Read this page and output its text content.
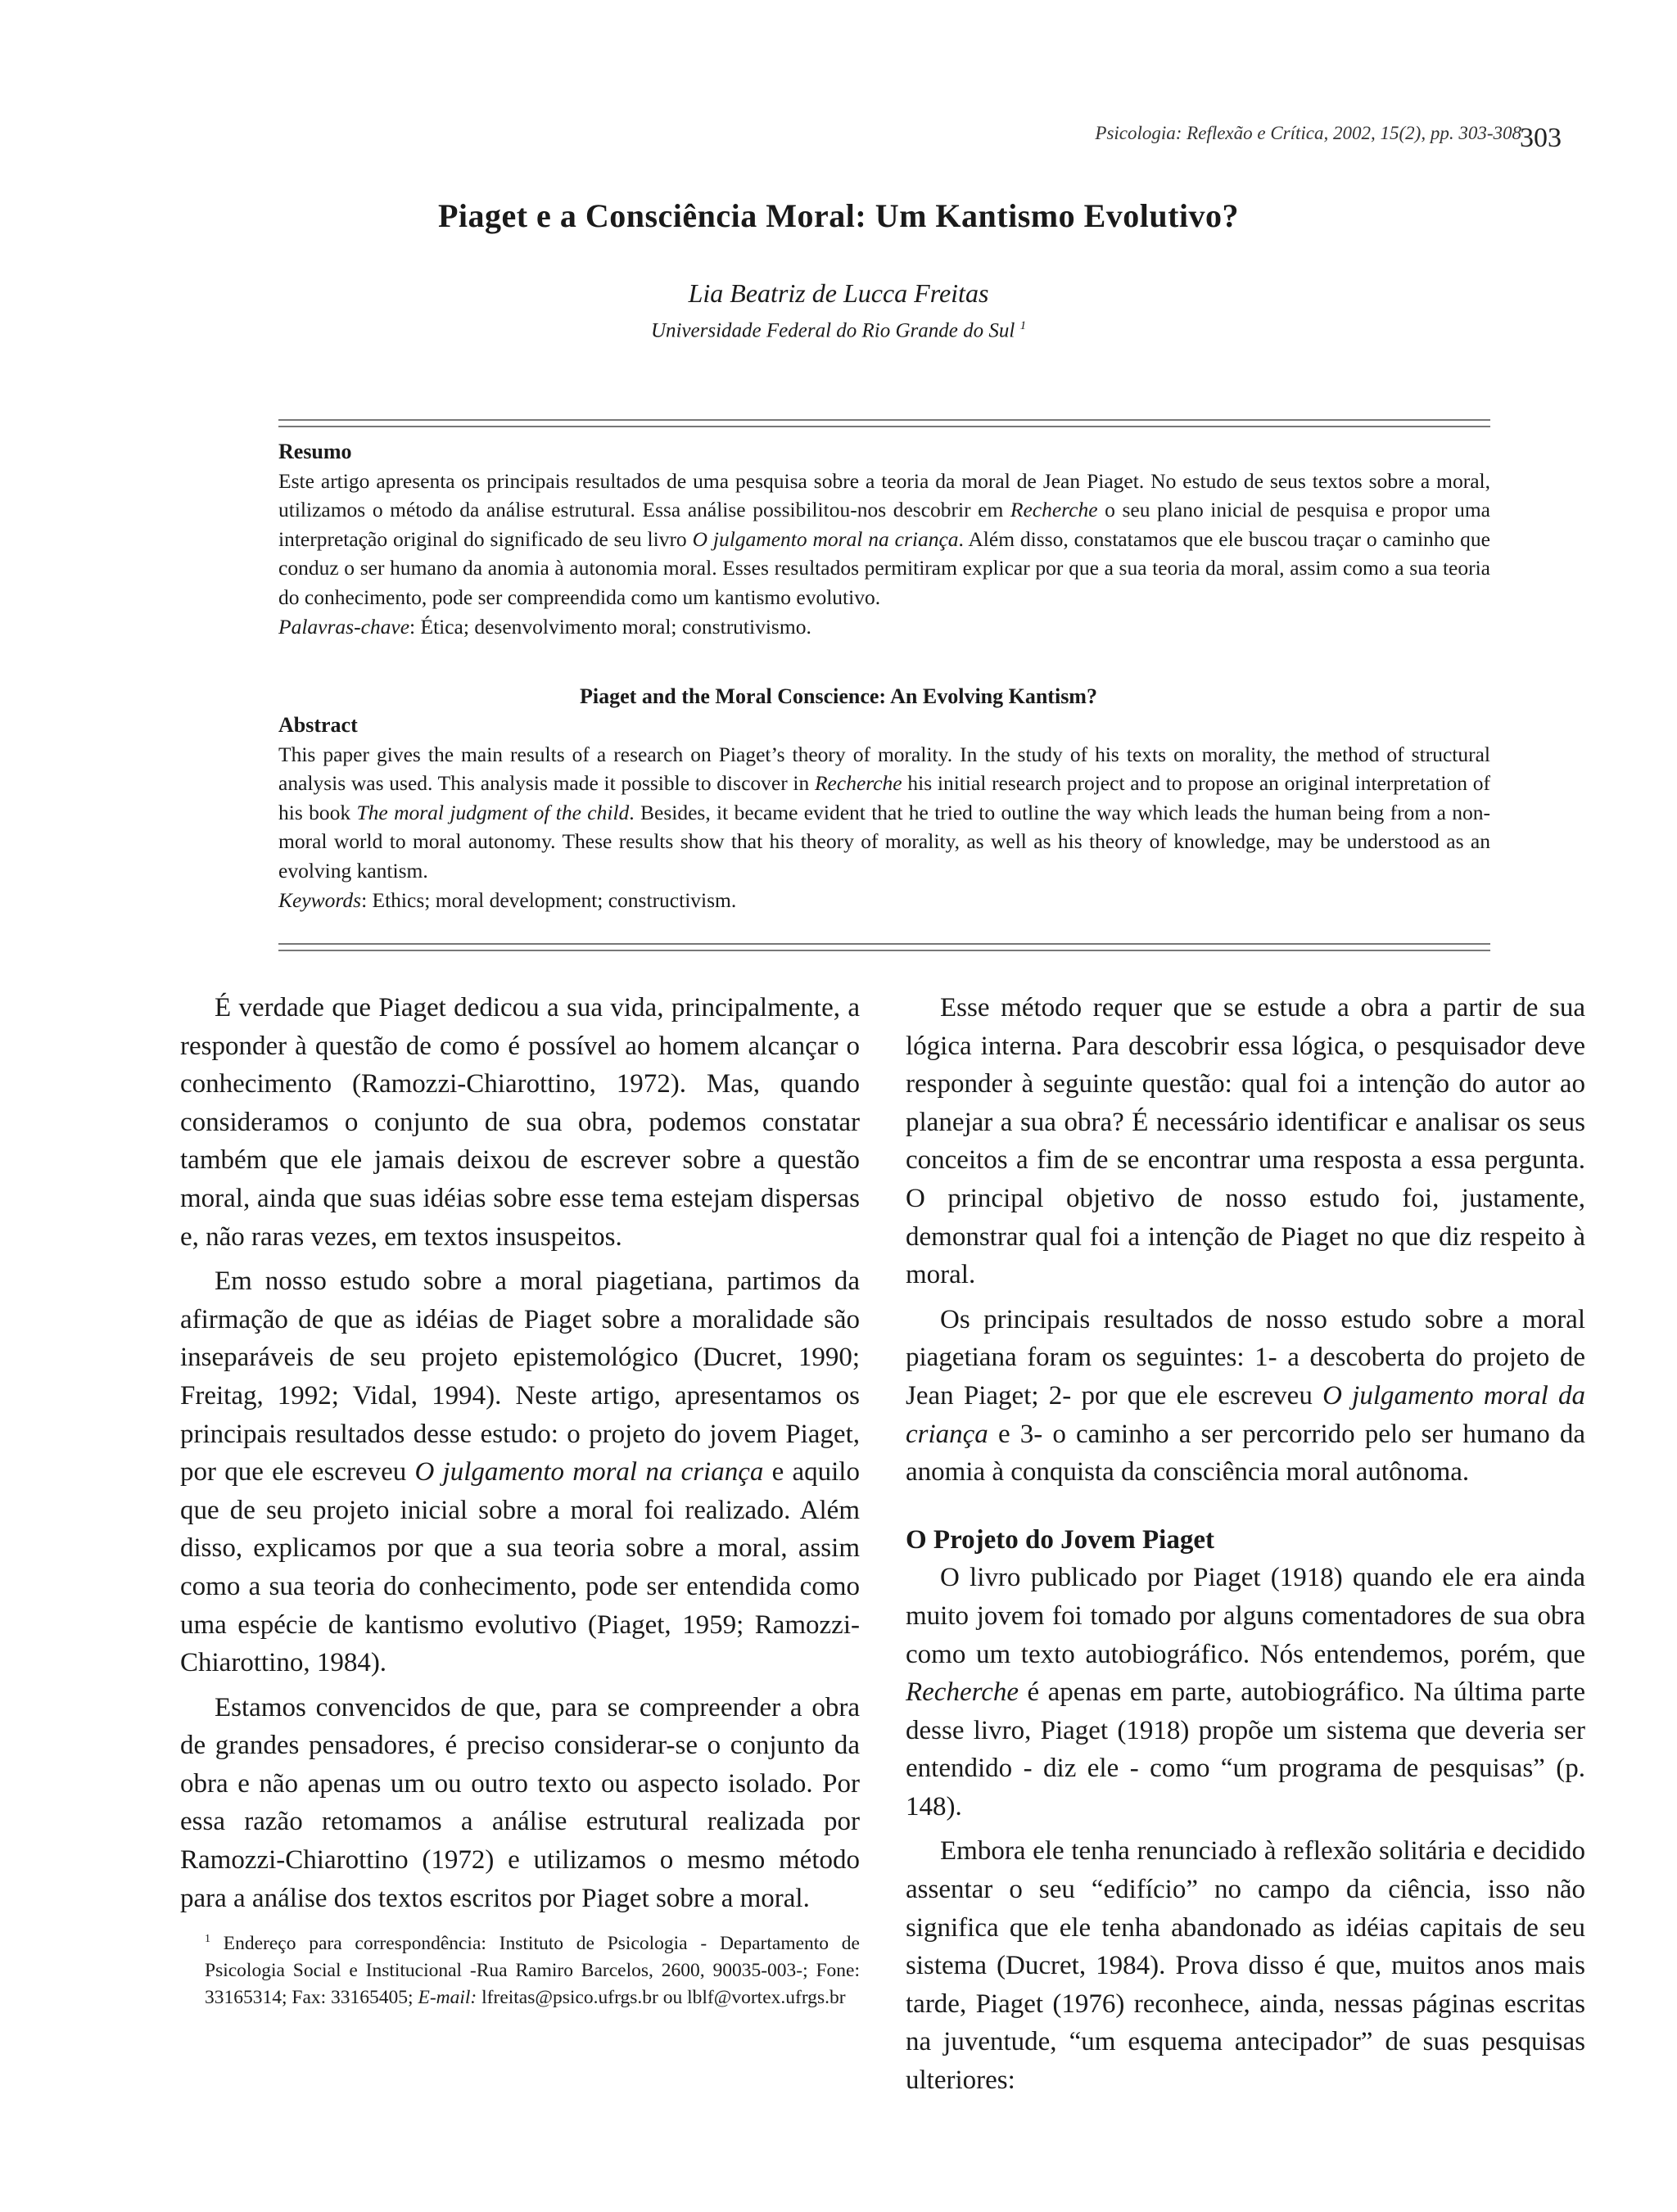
Psicologia: Reflexão e Crítica, 2002, 15(2), pp. 303-308
303
Piaget e a Consciência Moral: Um Kantismo Evolutivo?
Lia Beatriz de Lucca Freitas
Universidade Federal do Rio Grande do Sul $^1$
Resumo
Este artigo apresenta os principais resultados de uma pesquisa sobre a teoria da moral de Jean Piaget. No estudo de seus textos sobre a moral, utilizamos o método da análise estrutural. Essa análise possibilitou-nos descobrir em Recherche o seu plano inicial de pesquisa e propor uma interpretação original do significado de seu livro O julgamento moral na criança. Além disso, constatamos que ele buscou traçar o caminho que conduz o ser humano da anomia à autonomia moral. Esses resultados permitiram explicar por que a sua teoria da moral, assim como a sua teoria do conhecimento, pode ser compreendida como um kantismo evolutivo.
Palavras-chave: Ética; desenvolvimento moral; construtivismo.
Piaget and the Moral Conscience: An Evolving Kantism?
Abstract
This paper gives the main results of a research on Piaget’s theory of morality. In the study of his texts on morality, the method of structural analysis was used. This analysis made it possible to discover in Recherche his initial research project and to propose an original interpretation of his book The moral judgment of the child. Besides, it became evident that he tried to outline the way which leads the human being from a non-moral world to moral autonomy. These results show that his theory of morality, as well as his theory of knowledge, may be understood as an evolving kantism.
Keywords: Ethics; moral development; constructivism.

É verdade que Piaget dedicou a sua vida, principalmente, a responder à questão de como é possível ao homem alcançar o conhecimento (Ramozzi-Chiarottino, 1972). Mas, quando consideramos o conjunto de sua obra, podemos constatar também que ele jamais deixou de escrever sobre a questão moral, ainda que suas idéias sobre esse tema estejam dispersas e, não raras vezes, em textos insuspeitos.

Em nosso estudo sobre a moral piagetiana, partimos da afirmação de que as idéias de Piaget sobre a moralidade são inseparáveis de seu projeto epistemológico (Ducret, 1990; Freitag, 1992; Vidal, 1994). Neste artigo, apresentamos os principais resultados desse estudo: o projeto do jovem Piaget, por que ele escreveu O julgamento moral na criança e aquilo que de seu projeto inicial sobre a moral foi realizado. Além disso, explicamos por que a sua teoria sobre a moral, assim como a sua teoria do conhecimento, pode ser entendida como uma espécie de kantismo evolutivo (Piaget, 1959; Ramozzi-Chiarottino, 1984).

Estamos convencidos de que, para se compreender a obra de grandes pensadores, é preciso considerar-se o conjunto da obra e não apenas um ou outro texto ou aspecto isolado. Por essa razão retomamos a análise estrutural realizada por Ramozzi-Chiarottino (1972) e utilizamos o mesmo método para a análise dos textos escritos por Piaget sobre a moral.

$^1$ Endereço para correspondência: Instituto de Psicologia - Departamento de Psicologia Social e Institucional -Rua Ramiro Barcelos, 2600, 90035-003-; Fone: 33165314; Fax: 33165405; E-mail: lfreitas@psico.ufrgs.br ou lblf@vortex.ufrgs.br

Esse método requer que se estude a obra a partir de sua lógica interna. Para descobrir essa lógica, o pesquisador deve responder à seguinte questão: qual foi a intenção do autor ao planejar a sua obra? É necessário identificar e analisar os seus conceitos a fim de se encontrar uma resposta a essa pergunta. O principal objetivo de nosso estudo foi, justamente, demonstrar qual foi a intenção de Piaget no que diz respeito à moral.

Os principais resultados de nosso estudo sobre a moral piagetiana foram os seguintes: 1- a descoberta do projeto de Jean Piaget; 2- por que ele escreveu O julgamento moral da criança e 3- o caminho a ser percorrido pelo ser humano da anomia à conquista da consciência moral autônoma.

O Projeto do Jovem Piaget

O livro publicado por Piaget (1918) quando ele era ainda muito jovem foi tomado por alguns comentadores de sua obra como um texto autobiográfico. Nós entendemos, porém, que Recherche é apenas em parte, autobiográfico. Na última parte desse livro, Piaget (1918) propõe um sistema que deveria ser entendido - diz ele - como “um programa de pesquisas” (p. 148).

Embora ele tenha renunciado à reflexão solitária e decidido assentar o seu “edifício” no campo da ciência, isso não significa que ele tenha abandonado as idéias capitais de seu sistema (Ducret, 1984). Prova disso é que, muitos anos mais tarde, Piaget (1976) reconhece, ainda, nessas páginas escritas na juventude, “um esquema antecipador” de suas pesquisas ulteriores:
